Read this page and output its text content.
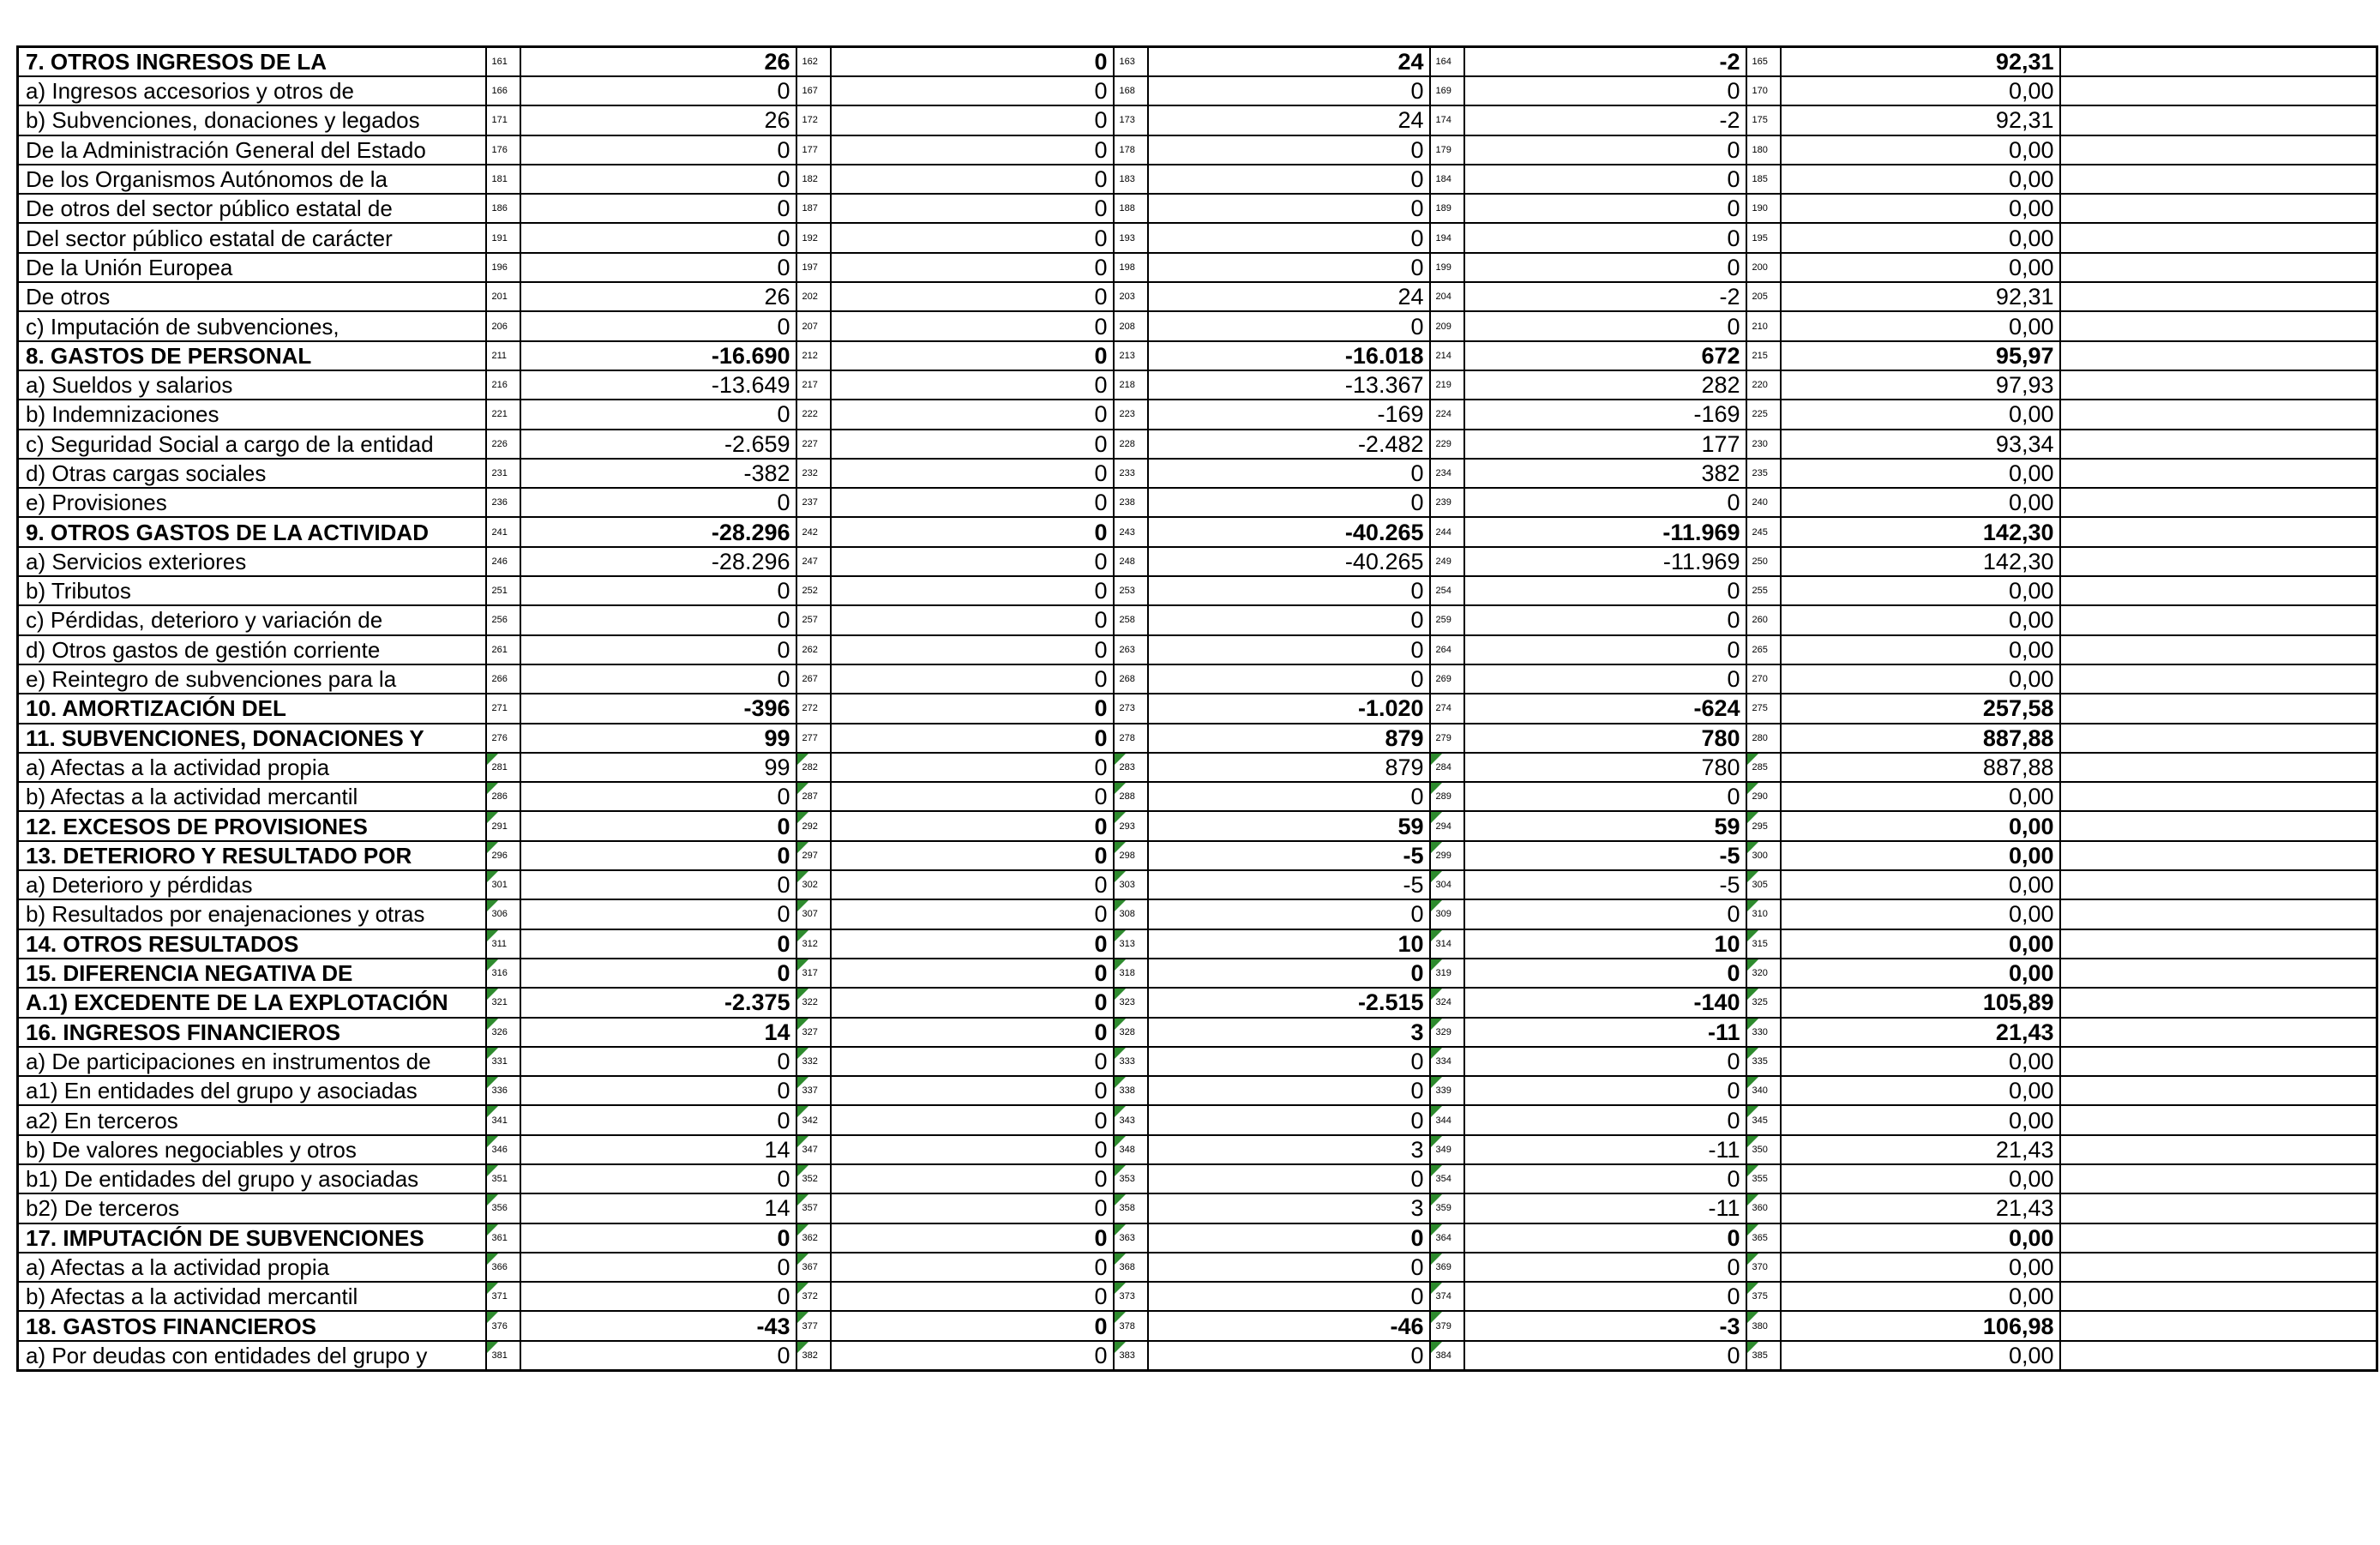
7. OTROS INGRESOS DE LA	161	26	162	0	163	24	164	-2	165	92,31	
a) Ingresos accesorios y otros de	166	0	167	0	168	0	169	0	170	0,00	
b) Subvenciones, donaciones y legados	171	26	172	0	173	24	174	-2	175	92,31	
De la Administración General del Estado	176	0	177	0	178	0	179	0	180	0,00	
De los Organismos Autónomos de la	181	0	182	0	183	0	184	0	185	0,00	
De otros del sector público estatal de	186	0	187	0	188	0	189	0	190	0,00	
Del sector público estatal de carácter	191	0	192	0	193	0	194	0	195	0,00	
De la Unión Europea	196	0	197	0	198	0	199	0	200	0,00	
De otros	201	26	202	0	203	24	204	-2	205	92,31	
c) Imputación de subvenciones,	206	0	207	0	208	0	209	0	210	0,00	
8. GASTOS DE PERSONAL	211	-16.690	212	0	213	-16.018	214	672	215	95,97	
a) Sueldos y salarios	216	-13.649	217	0	218	-13.367	219	282	220	97,93	
b) Indemnizaciones	221	0	222	0	223	-169	224	-169	225	0,00	
c) Seguridad Social a cargo de la entidad	226	-2.659	227	0	228	-2.482	229	177	230	93,34	
d) Otras cargas sociales	231	-382	232	0	233	0	234	382	235	0,00	
e) Provisiones	236	0	237	0	238	0	239	0	240	0,00	
9. OTROS GASTOS DE LA ACTIVIDAD	241	-28.296	242	0	243	-40.265	244	-11.969	245	142,30	
a) Servicios exteriores	246	-28.296	247	0	248	-40.265	249	-11.969	250	142,30	
b) Tributos	251	0	252	0	253	0	254	0	255	0,00	
c) Pérdidas, deterioro y variación de	256	0	257	0	258	0	259	0	260	0,00	
d) Otros gastos de gestión corriente	261	0	262	0	263	0	264	0	265	0,00	
e) Reintegro de subvenciones para la	266	0	267	0	268	0	269	0	270	0,00	
10. AMORTIZACIÓN DEL	271	-396	272	0	273	-1.020	274	-624	275	257,58	
11. SUBVENCIONES, DONACIONES Y	276	99	277	0	278	879	279	780	280	887,88	
a) Afectas a la actividad propia	281	99	282	0	283	879	284	780	285	887,88	
b) Afectas a la actividad mercantil	286	0	287	0	288	0	289	0	290	0,00	
12. EXCESOS DE PROVISIONES	291	0	292	0	293	59	294	59	295	0,00	
13. DETERIORO Y RESULTADO POR	296	0	297	0	298	-5	299	-5	300	0,00	
a) Deterioro y pérdidas	301	0	302	0	303	-5	304	-5	305	0,00	
b) Resultados por enajenaciones y otras	306	0	307	0	308	0	309	0	310	0,00	
14. OTROS RESULTADOS	311	0	312	0	313	10	314	10	315	0,00	
15. DIFERENCIA NEGATIVA DE	316	0	317	0	318	0	319	0	320	0,00	
A.1) EXCEDENTE DE LA EXPLOTACIÓN	321	-2.375	322	0	323	-2.515	324	-140	325	105,89	
16. INGRESOS FINANCIEROS	326	14	327	0	328	3	329	-11	330	21,43	
a) De participaciones en instrumentos de	331	0	332	0	333	0	334	0	335	0,00	
a1) En entidades del grupo y asociadas	336	0	337	0	338	0	339	0	340	0,00	
a2) En terceros	341	0	342	0	343	0	344	0	345	0,00	
b) De valores negociables y otros	346	14	347	0	348	3	349	-11	350	21,43	
b1) De entidades del grupo y asociadas	351	0	352	0	353	0	354	0	355	0,00	
b2) De terceros	356	14	357	0	358	3	359	-11	360	21,43	
17. IMPUTACIÓN DE SUBVENCIONES	361	0	362	0	363	0	364	0	365	0,00	
a) Afectas a la actividad propia	366	0	367	0	368	0	369	0	370	0,00	
b) Afectas a la actividad mercantil	371	0	372	0	373	0	374	0	375	0,00	
18. GASTOS FINANCIEROS	376	-43	377	0	378	-46	379	-3	380	106,98	
a) Por deudas con entidades del grupo y	381	0	382	0	383	0	384	0	385	0,00	
